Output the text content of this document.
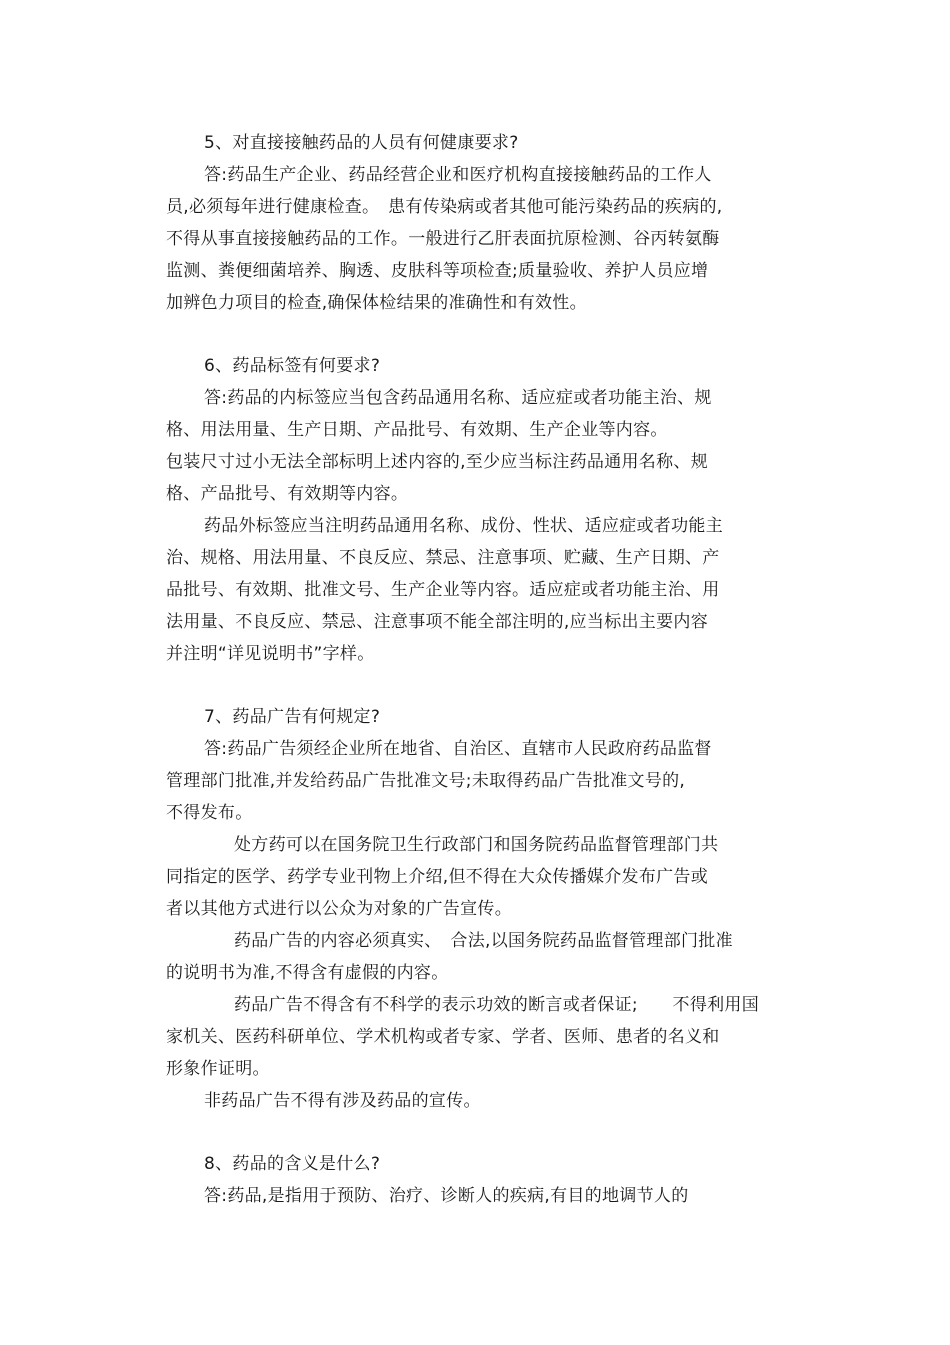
5、对直接接触药品的人员有何健康要求?
答:药品生产企业、药品经营企业和医疗机构直接接触药品的工作人
员,必须每年进行健康检查。　患有传染病或者其他可能污染药品的疾病的,
不得从事直接接触药品的工作。一般进行乙肝表面抗原检测、谷丙转氨酶
监测、粪便细菌培养、胸透、皮肤科等项检查;质量验收、养护人员应增
加辨色力项目的检查,确保体检结果的准确性和有效性。
6、药品标签有何要求?
答:药品的内标签应当包含药品通用名称、适应症或者功能主治、规
格、用法用量、生产日期、产品批号、有效期、生产企业等内容。
包装尺寸过小无法全部标明上述内容的,至少应当标注药品通用名称、规
格、产品批号、有效期等内容。
药品外标签应当注明药品通用名称、成份、性状、适应症或者功能主
治、规格、用法用量、不良反应、禁忌、注意事项、贮藏、生产日期、产
品批号、有效期、批准文号、生产企业等内容。适应症或者功能主治、用
法用量、不良反应、禁忌、注意事项不能全部注明的,应当标出主要内容
并注明“详见说明书”字样。
7、药品广告有何规定?
答:药品广告须经企业所在地省、自治区、直辖市人民政府药品监督
管理部门批准,并发给药品广告批准文号;未取得药品广告批准文号的,
不得发布。
处方药可以在国务院卫生行政部门和国务院药品监督管理部门共
同指定的医学、药学专业刊物上介绍,但不得在大众传播媒介发布广告或
者以其他方式进行以公众为对象的广告宣传。
药品广告的内容必须真实、　合法,以国务院药品监督管理部门批准
的说明书为准,不得含有虚假的内容。
药品广告不得含有不科学的表示功效的断言或者保证;　　不得利用国
家机关、医药科研单位、学术机构或者专家、学者、医师、患者的名义和
形象作证明。
非药品广告不得有涉及药品的宣传。
8、药品的含义是什么?
答:药品,是指用于预防、治疗、诊断人的疾病,有目的地调节人的
